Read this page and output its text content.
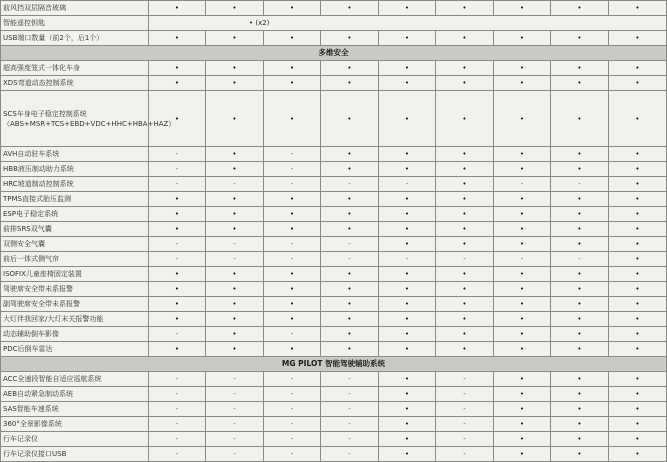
前风挡双层隔音玻璃	•	•	•	•	•	•	•	•	•
智能遥控钥匙	• (x2)								
USB端口数量（前2个，后1个）	•	•	•	•	•	•	•	•	•
多维安全									
超高强度笼式一体化车身	•	•	•	•	•	•	•	•	•
XDS弯道动态控制系统	•	•	•	•	•	•	•	•	•
SCS车身电子稳定控制系统（ABS+MSR+TCS+EBD+VDC+HHC+HBA+HAZ）	•	•	•	•	•	•	•	•	•
AVH自动驻车系统	-	•	-	•	•	•	•	•	•
HBB液压制动助力系统	-	•	-	•	•	•	•	•	•
HRC坡道制动控制系统	-	-	-	-	-	•	-	-	•
TPMS直接式胎压监测	•	•	•	•	•	•	•	•	•
ESP电子稳定系统	•	•	•	•	•	•	•	•	•
前排SRS双气囊	•	•	•	•	•	•	•	•	•
双侧安全气囊	-	-	-	-	•	•	•	•	•
前后一体式侧气帘	-	-	-	-	-	-	-	-	•
ISOFIX儿童座椅固定装置	•	•	•	•	•	•	•	•	•
驾驶席安全带未系报警	•	•	•	•	•	•	•	•	•
副驾驶席安全带未系报警	•	•	•	•	•	•	•	•	•
大灯伴我回家/大灯未关报警功能	•	•	•	•	•	•	•	•	•
动态辅助倒车影像	-	•	-	•	•	•	•	•	•
PDC后倒车雷达	•	•	•	•	•	•	•	•	•
MG PILOT 智能驾驶辅助系统									
ACC全速段智能自适应巡航系统	-	-	-	-	•	-	•	•	•
AEB自动紧急制动系统	-	-	-	-	•	-	•	•	•
SAS智能车速系统	-	-	-	-	•	-	•	•	•
360°全景影像系统	-	-	-	-	•	-	•	•	•
行车记录仪	-	-	-	-	•	-	•	•	•
行车记录仪接口USB	-	-	-	-	•	-	•	•	•
